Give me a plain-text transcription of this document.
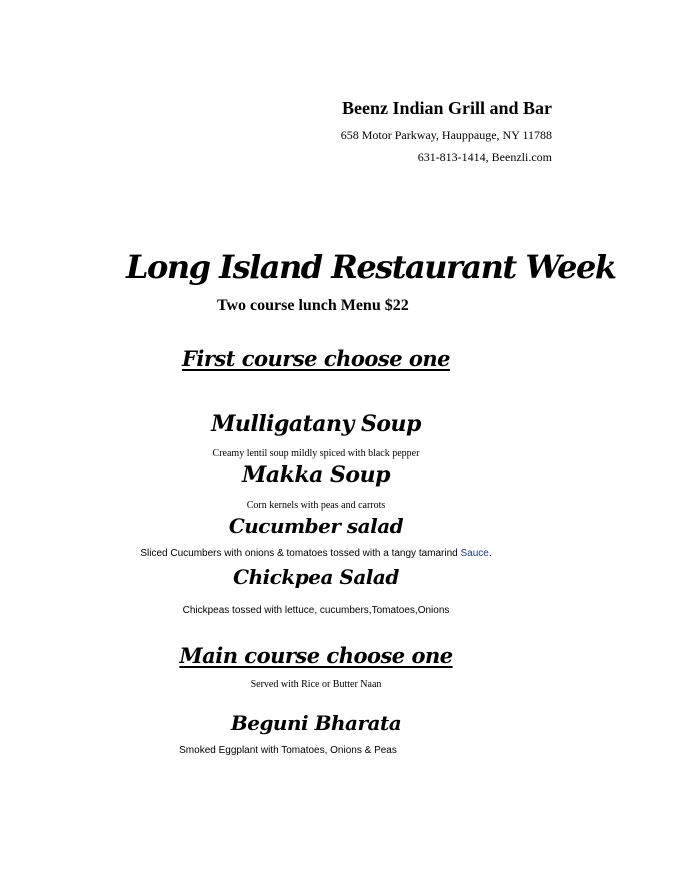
Beenz Indian Grill and Bar
658 Motor Parkway, Hauppauge, NY 11788
631-813-1414, Beenzli.com
Long Island Restaurant Week
Two course lunch Menu $22
First course choose one
Mulligatany Soup
Creamy lentil soup mildly spiced with black pepper
Makka Soup
Corn kernels with peas and carrots
Cucumber salad
Sliced Cucumbers with onions & tomatoes tossed with a tangy tamarind Sauce.
Chickpea Salad
Chickpeas tossed with lettuce, cucumbers,Tomatoes,Onions
Main course choose one
Served with Rice or Butter Naan
Beguni Bharata
Smoked Eggplant with Tomatoes, Onions & Peas
